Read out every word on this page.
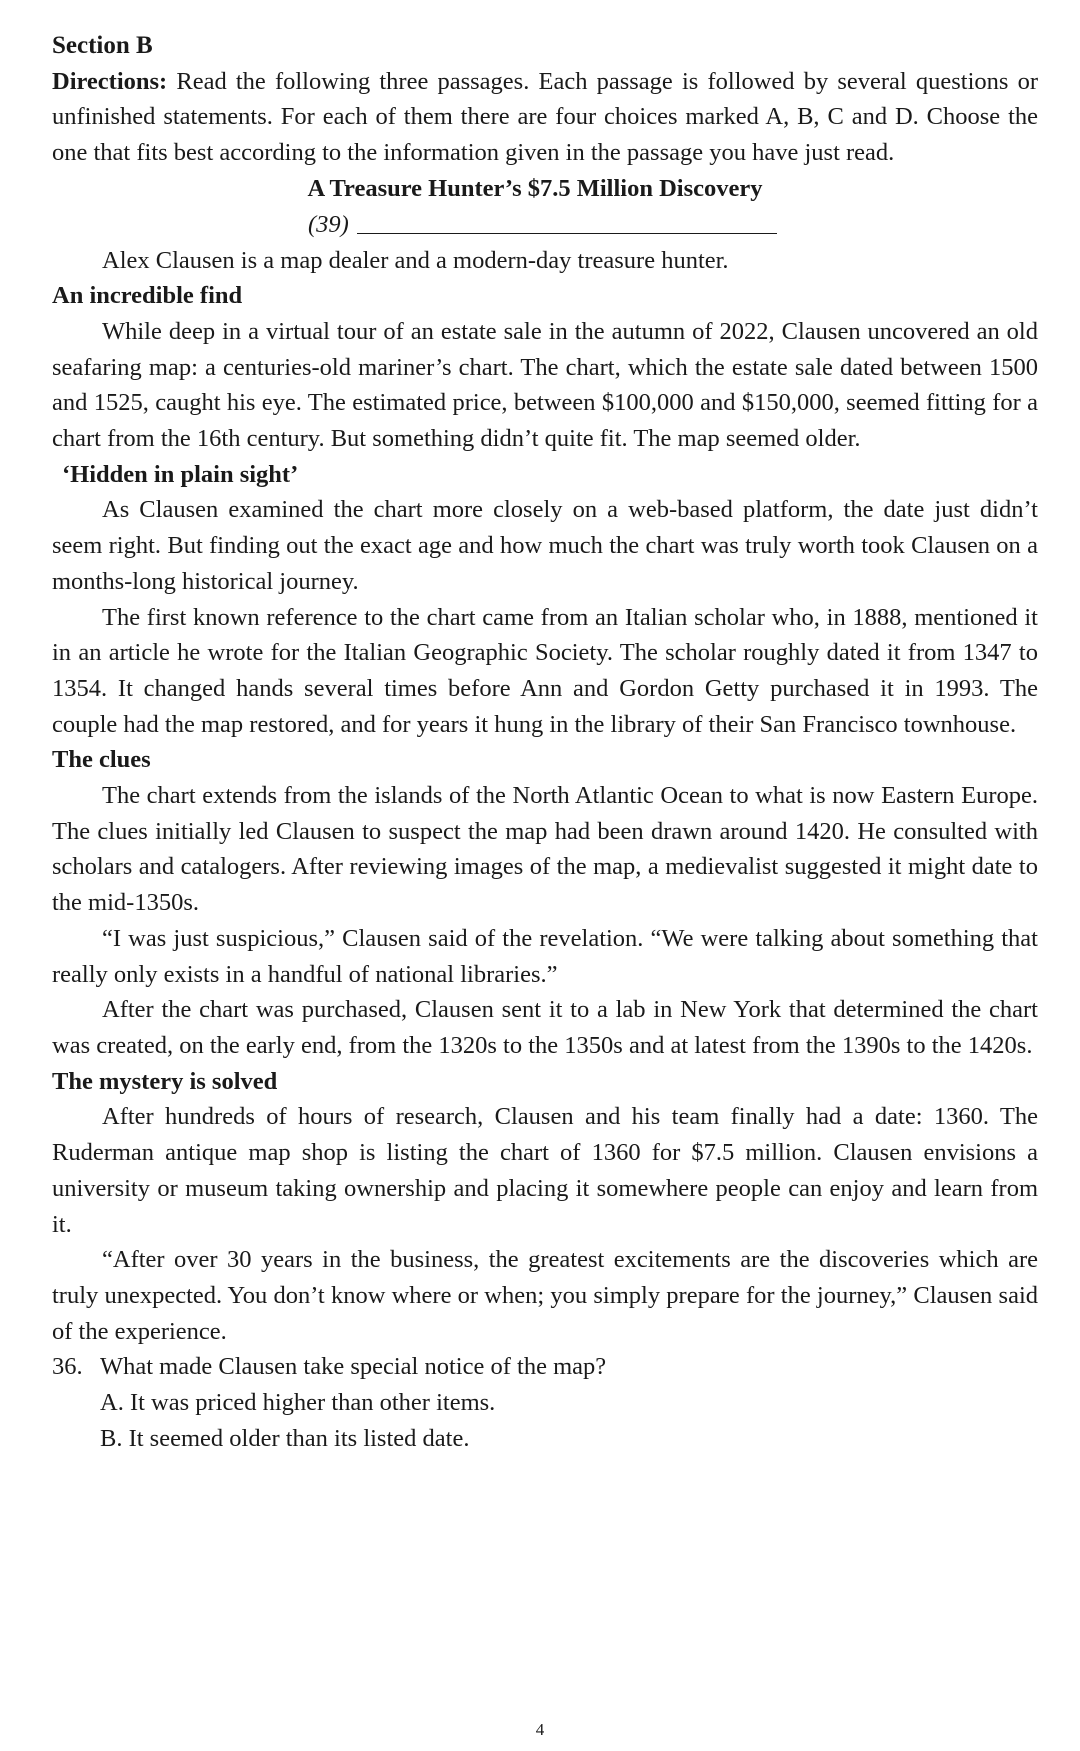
Section B

Directions: Read the following three passages. Each passage is followed by several questions or unfinished statements. For each of them there are four choices marked A, B, C and D. Choose the one that fits best according to the information given in the passage you have just read.

A Treasure Hunter’s $7.5 Million Discovery

(39)

Alex Clausen is a map dealer and a modern-day treasure hunter.

An incredible find

While deep in a virtual tour of an estate sale in the autumn of 2022, Clausen uncovered an old seafaring map: a centuries-old mariner’s chart. The chart, which the estate sale dated between 1500 and 1525, caught his eye. The estimated price, between $100,000 and $150,000, seemed fitting for a chart from the 16th century. But something didn’t quite fit. The map seemed older.

‘Hidden in plain sight’

As Clausen examined the chart more closely on a web-based platform, the date just didn’t seem right. But finding out the exact age and how much the chart was truly worth took Clausen on a months-long historical journey.

The first known reference to the chart came from an Italian scholar who, in 1888, mentioned it in an article he wrote for the Italian Geographic Society. The scholar roughly dated it from 1347 to 1354. It changed hands several times before Ann and Gordon Getty purchased it in 1993. The couple had the map restored, and for years it hung in the library of their San Francisco townhouse.

The clues

The chart extends from the islands of the North Atlantic Ocean to what is now Eastern Europe. The clues initially led Clausen to suspect the map had been drawn around 1420. He consulted with scholars and catalogers. After reviewing images of the map, a medievalist suggested it might date to the mid-1350s.

“I was just suspicious,” Clausen said of the revelation. “We were talking about something that really only exists in a handful of national libraries.”

After the chart was purchased, Clausen sent it to a lab in New York that determined the chart was created, on the early end, from the 1320s to the 1350s and at latest from the 1390s to the 1420s.

The mystery is solved

After hundreds of hours of research, Clausen and his team finally had a date: 1360. The Ruderman antique map shop is listing the chart of 1360 for $7.5 million. Clausen envisions a university or museum taking ownership and placing it somewhere people can enjoy and learn from it.

“After over 30 years in the business, the greatest excitements are the discoveries which are truly unexpected. You don’t know where or when; you simply prepare for the journey,” Clausen said of the experience.

36. What made Clausen take special notice of the map?

A. It was priced higher than other items.

B. It seemed older than its listed date.

4
